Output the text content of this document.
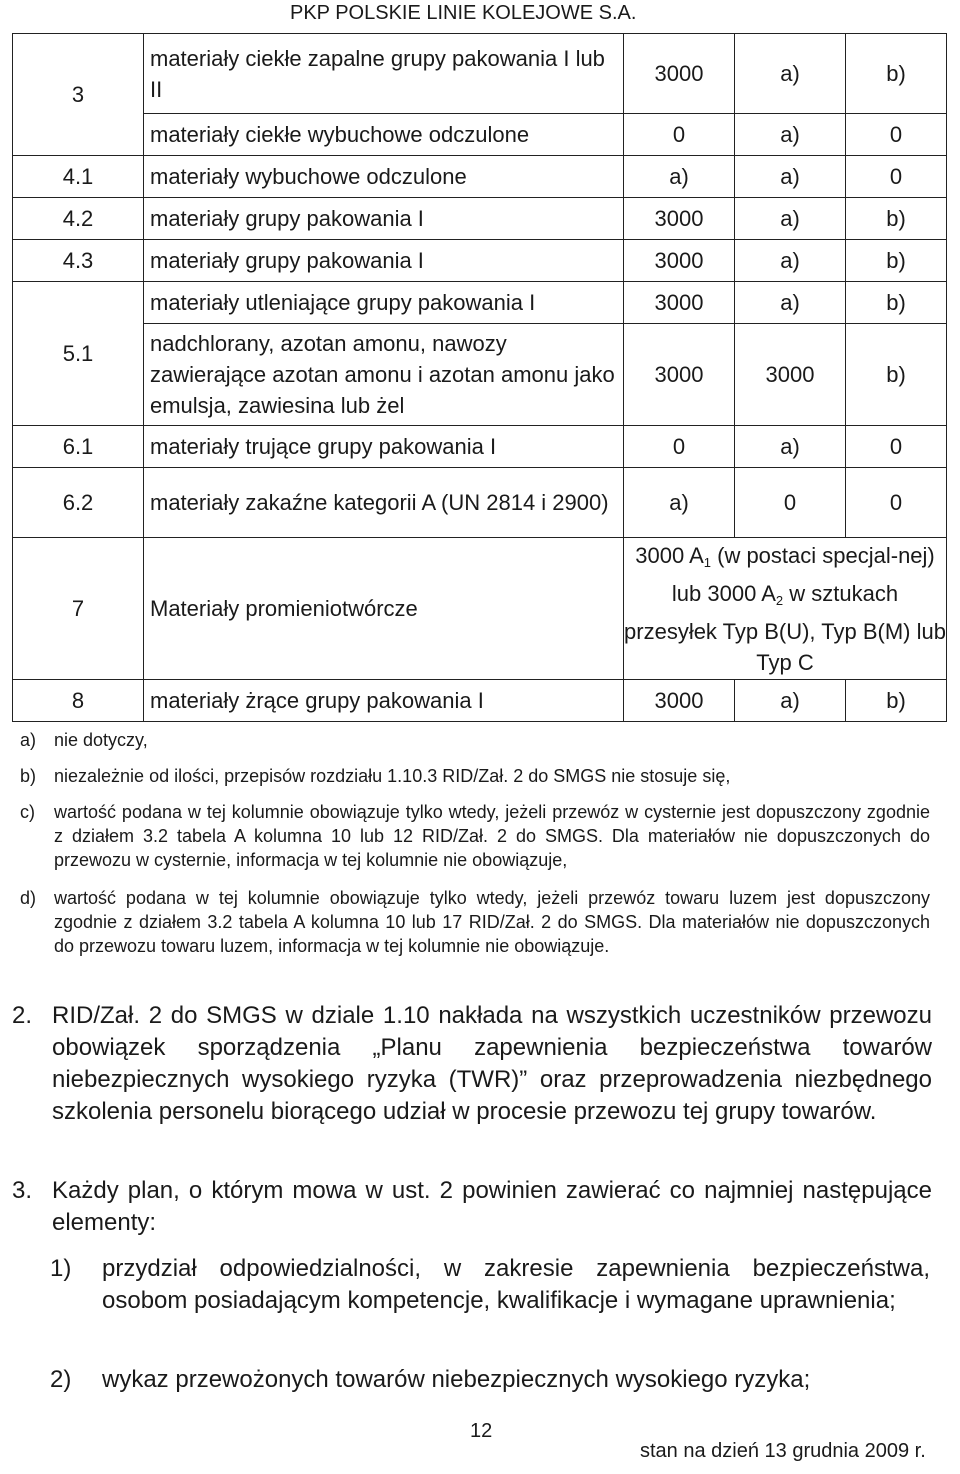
PKP POLSKIE LINIE KOLEJOWE S.A.
3	materiały ciekłe zapalne grupy pakowania I lub II	3000	a)	b)
	materiały ciekłe wybuchowe odczulone	0	a)	0
4.1	materiały wybuchowe odczulone	a)	a)	0
4.2	materiały grupy pakowania I	3000	a)	b)
4.3	materiały grupy pakowania I	3000	a)	b)
5.1	materiały utleniające grupy pakowania I	3000	a)	b)
	nadchlorany, azotan amonu, nawozy zawierające azotan amonu i azotan amonu jako emulsja, zawiesina lub żel	3000	3000	b)
6.1	materiały trujące grupy pakowania I	0	a)	0
6.2	materiały zakaźne kategorii A (UN 2814 i 2900)	a)	0	0
7	Materiały promieniotwórcze	3000 $A_1$ (w postaci specjal-nej) lub 3000 $A_2$ w sztukach przesyłek Typ B(U), Typ B(M) lub Typ C		
8	materiały żrące grupy pakowania I	3000	a)	b)

a) nie dotyczy,

b) niezależnie od ilości, przepisów rozdziału 1.10.3 RID/Zał. 2 do SMGS nie stosuje się,

c) wartość podana w tej kolumnie obowiązuje tylko wtedy, jeżeli przewóz w cysternie jest dopuszczony zgodnie z działem 3.2 tabela A kolumna 10 lub 12 RID/Zał. 2 do SMGS. Dla materiałów nie dopuszczonych do przewozu w cysternie, informacja w tej kolumnie nie obowiązuje,

d) wartość podana w tej kolumnie obowiązuje tylko wtedy, jeżeli przewóz towaru luzem jest dopuszczony zgodnie z działem 3.2 tabela A kolumna 10 lub 17 RID/Zał. 2 do SMGS. Dla materiałów nie dopuszczonych do przewozu towaru luzem, informacja w tej kolumnie nie obowiązuje.

2. RID/Zał. 2 do SMGS w dziale 1.10 nakłada na wszystkich uczestników przewozu obowiązek sporządzenia „Planu zapewnienia bezpieczeństwa towarów niebezpiecznych wysokiego ryzyka (TWR)” oraz przeprowadzenia niezbędnego szkolenia personelu biorącego udział w procesie przewozu tej grupy towarów.
3. Każdy plan, o którym mowa w ust. 2 powinien zawierać co najmniej następujące elementy:
1) przydział odpowiedzialności, w zakresie zapewnienia bezpieczeństwa, osobom posiadającym kompetencje, kwalifikacje i wymagane uprawnienia;
2) wykaz przewożonych towarów niebezpiecznych wysokiego ryzyka;
12
stan na dzień 13 grudnia 2009 r.
